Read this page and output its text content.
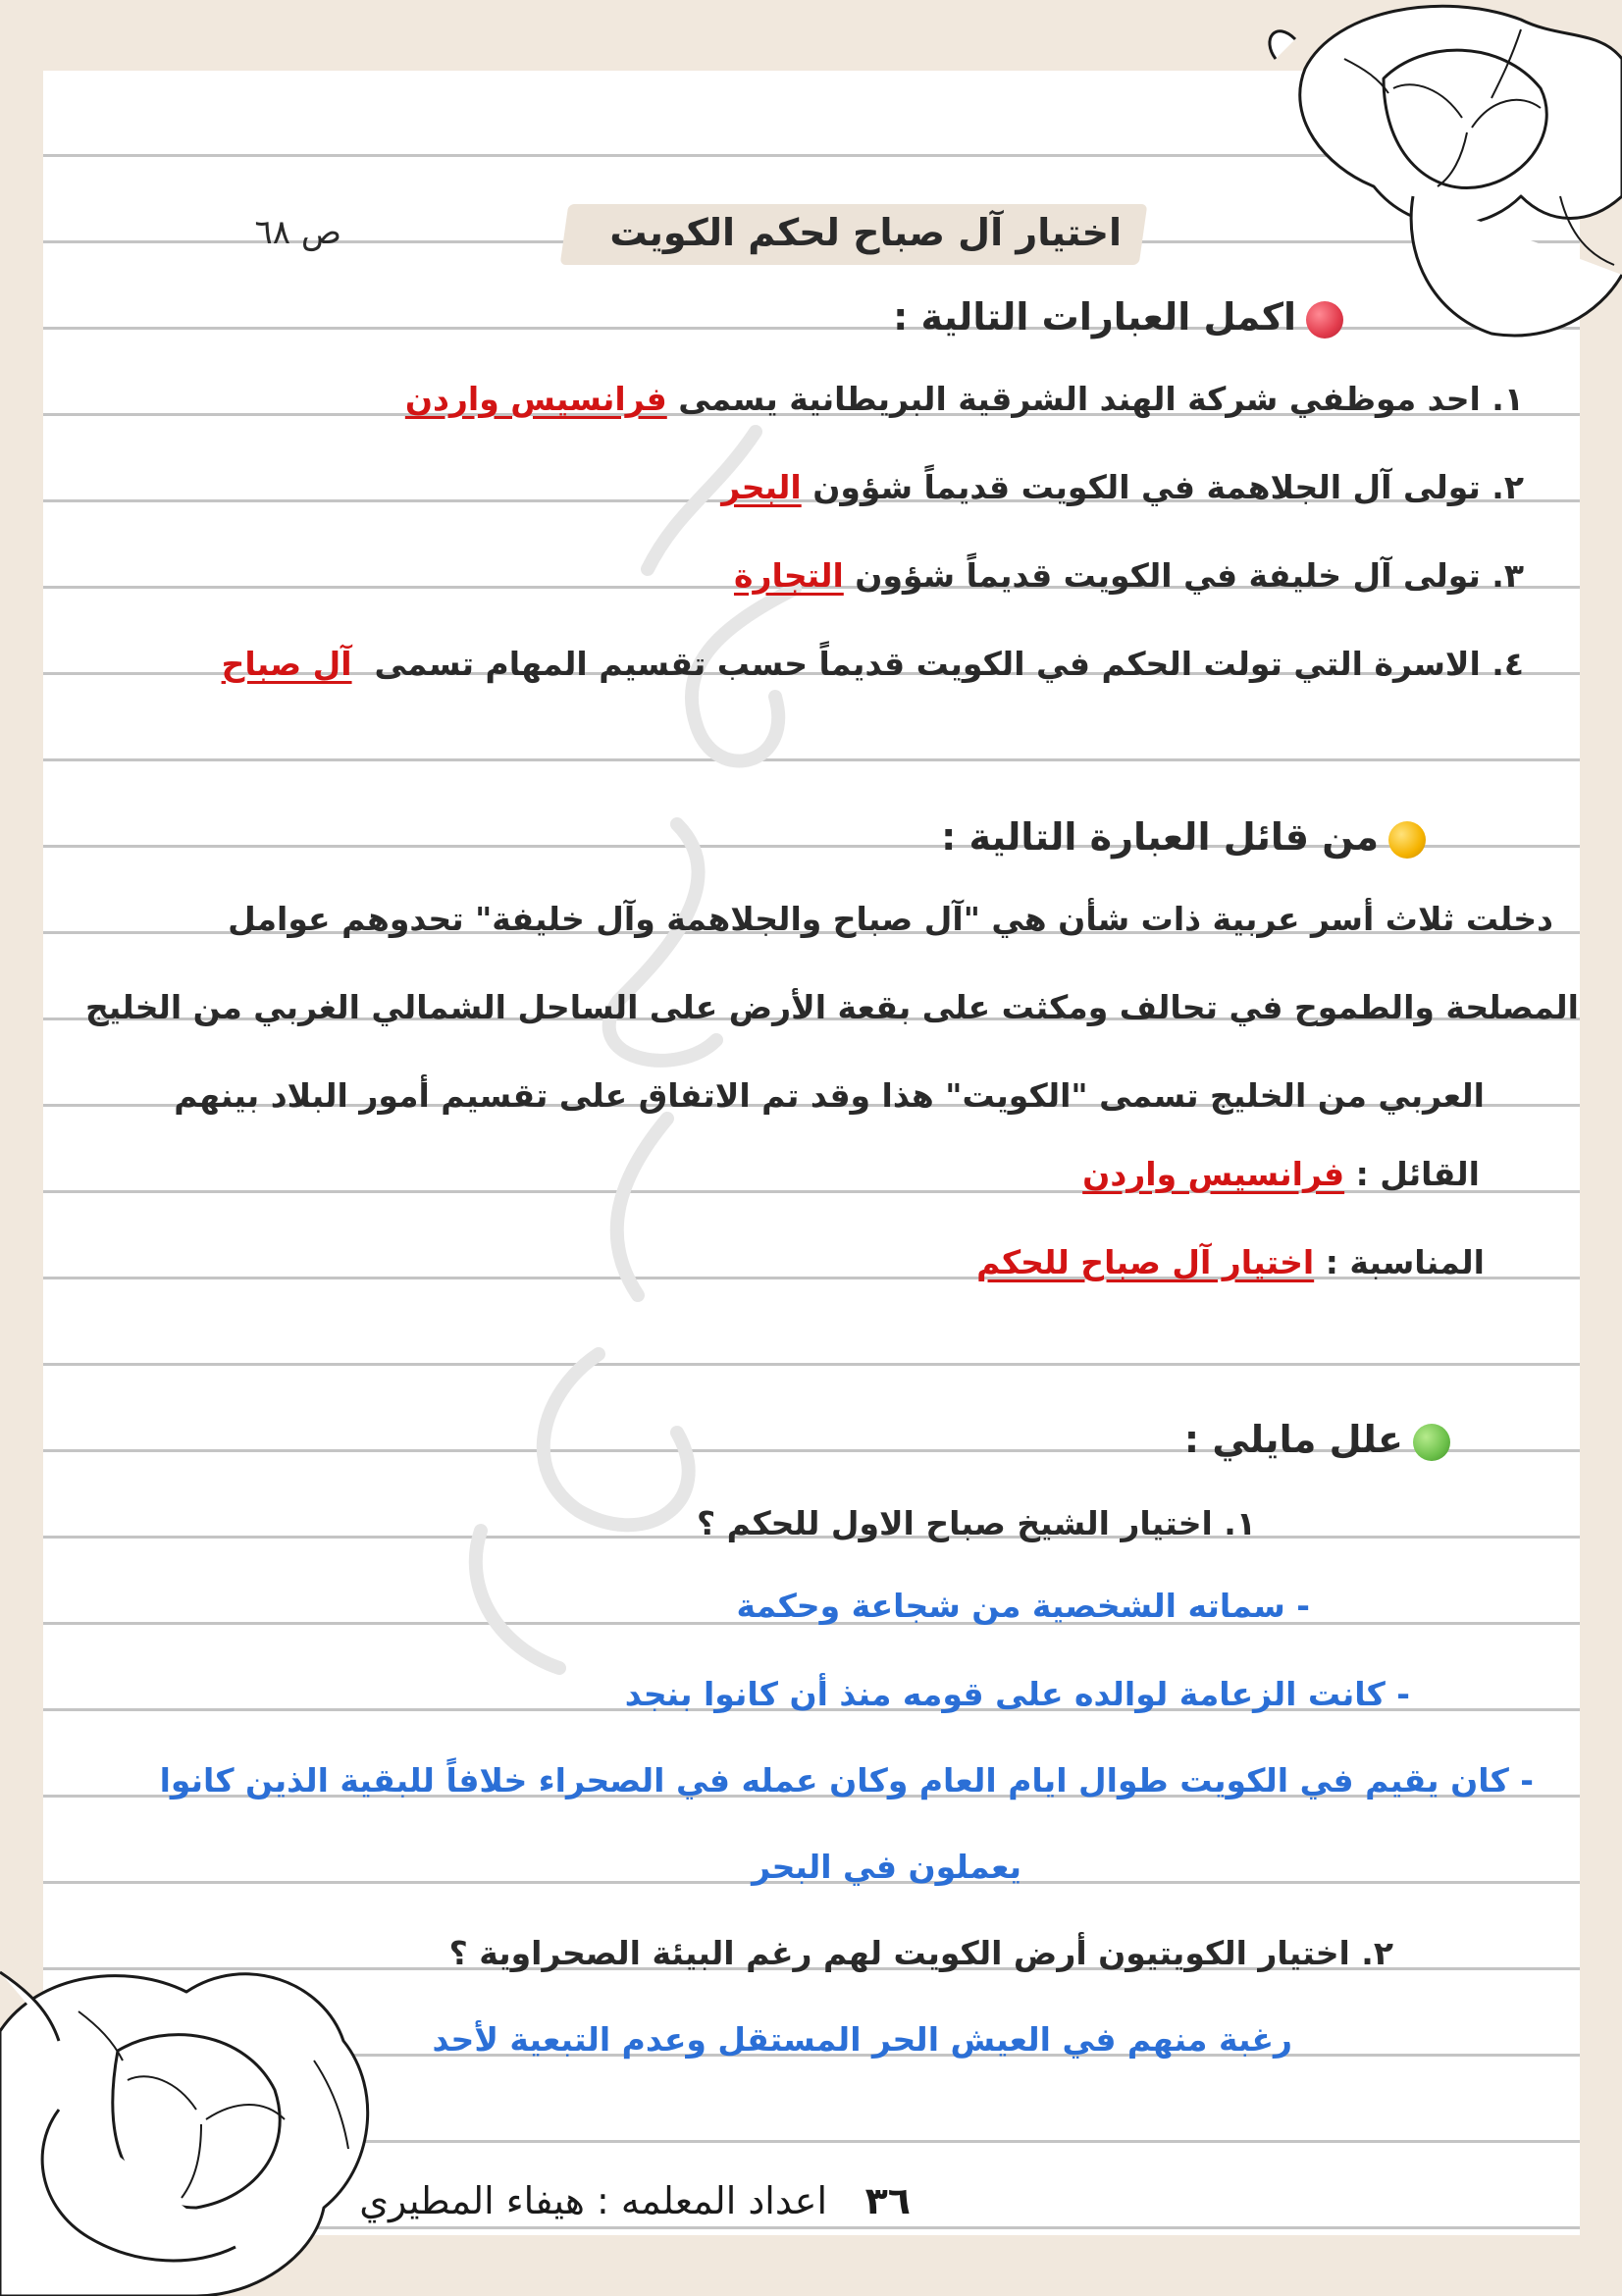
اختيار آل صباح لحكم الكويت
ص ٦٨
اكمل العبارات التالية :
١. احد موظفي شركة الهند الشرقية البريطانية يسمى فرانسيس وارد‌ن
٢. تولى آل الجلاهمة في الكويت قديماً شؤون البحر
٣. تولى آل خليفة في الكويت قديماً شؤون التجارة
٤. الاسرة التي تولت الحكم في الكويت قديماً حسب تقسيم المهام تسمى  آل صباح
من قائل العبارة التالية :
دخلت ثلاث أسر عربية ذات شأن هي "آل صباح والجلاهمة وآل خليفة" تحدوهم عوامل
المصلحة والطموح في تحالف ومكثت على بقعة الأرض على الساحل الشمالي الغربي من الخليج
العربي من الخليج تسمى "الكويت" هذا وقد تم الاتفاق على تقسيم أمور البلاد بينهم
القائل : فرانسيس وارد‌ن
المناسبة : اختيار آل صباح للحكم
علل مايلي :
١. اختيار الشيخ صباح الاول للحكم ؟
- سماته الشخصية من شجاعة وحكمة
- كانت الزعامة لوالده على قومه منذ أن كانوا بنجد
- كان يقيم في الكويت طوال ايام العام وكان عمله في الصحراء خلافاً للبقية الذين كانوا
يعملون في البحر
٢. اختيار الكويتيون أرض الكويت لهم رغم البيئة الصحراوية ؟
رغبة منهم في العيش الحر المستقل وعدم التبعية لأحد
٣٦
اعداد المعلمه : هيفاء المطيري
